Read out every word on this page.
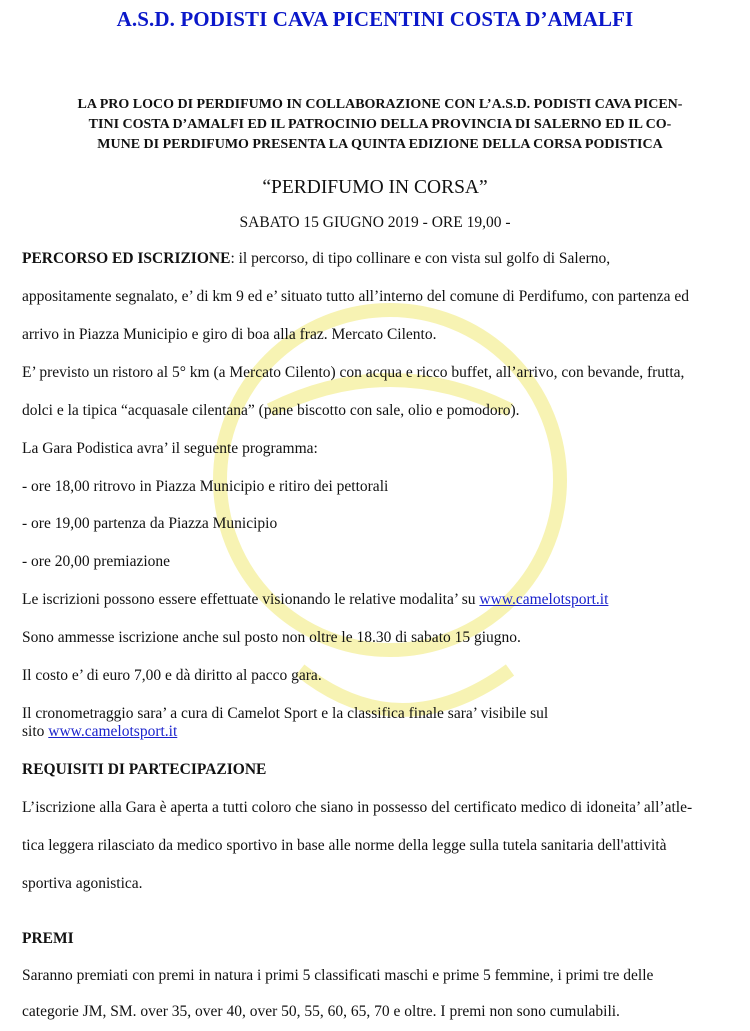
A.S.D. PODISTI CAVA PICENTINI COSTA D’AMALFI
LA PRO LOCO DI PERDIFUMO IN COLLABORAZIONE CON L’A.S.D. PODISTI CAVA PICEN-
TINI COSTA D’AMALFI ED IL PATROCINIO DELLA PROVINCIA DI SALERNO ED IL CO-
MUNE DI PERDIFUMO PRESENTA LA QUINTA EDIZIONE DELLA CORSA PODISTICA
“PERDIFUMO IN CORSA”
SABATO 15 GIUGNO 2019 - ORE 19,00 -
PERCORSO ED ISCRIZIONE: il percorso, di tipo collinare e con vista sul golfo di Salerno,
appositamente segnalato, e’ di km 9 ed e’ situato tutto all’interno del comune di Perdifumo, con partenza ed
arrivo in Piazza Municipio e giro di boa alla fraz. Mercato Cilento.
E’ previsto un ristoro al 5° km (a Mercato Cilento) con acqua e ricco buffet, all’arrivo, con bevande, frutta,
dolci e la tipica “acquasale cilentana” (pane biscotto con sale, olio e pomodoro).
La Gara Podistica avra’ il seguente programma:
- ore 18,00 ritrovo in Piazza Municipio e ritiro dei pettorali
- ore 19,00 partenza da Piazza Municipio
- ore 20,00 premiazione
Le iscrizioni possono essere effettuate visionando le relative modalita’ su www.camelotsport.it
Sono ammesse iscrizione anche sul posto non oltre le 18.30 di sabato 15 giugno.
Il costo e’ di euro 7,00 e dà diritto al pacco gara.
Il cronometraggio sara’ a cura di Camelot Sport e la classifica finale sara’ visibile sul
sito www.camelotsport.it
REQUISITI DI PARTECIPAZIONE
L’iscrizione alla Gara è aperta a tutti coloro che siano in possesso del certificato medico di idoneita’ all’atle-
tica leggera rilasciato da medico sportivo in base alle norme della legge sulla tutela sanitaria dell'attività
sportiva agonistica.
PREMI
Saranno premiati con premi in natura i primi 5 classificati maschi e prime 5 femmine, i primi tre delle
categorie JM, SM. over 35, over 40, over 50, 55, 60, 65, 70 e oltre. I premi non sono cumulabili.
